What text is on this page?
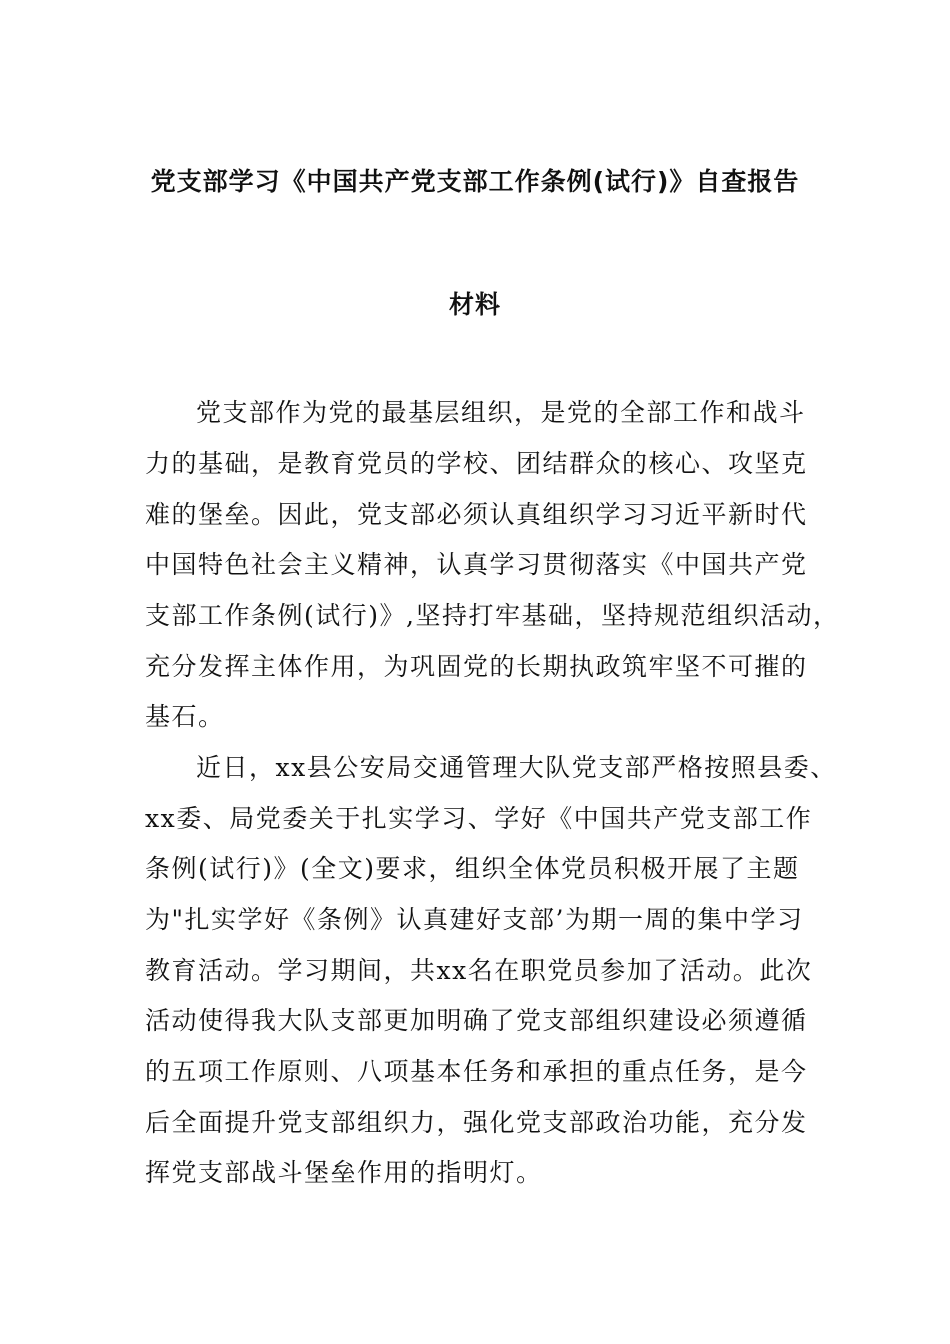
党支部学习《中国共产党支部工作条例(试行)》自查报告
材料
党支部作为党的最基层组织，是党的全部工作和战斗
力的基础，是教育党员的学校、团结群众的核心、攻坚克
难的堡垒。因此，党支部必须认真组织学习习近平新时代
中国特色社会主义精神，认真学习贯彻落实《中国共产党
支部工作条例(试行)》,坚持打牢基础，坚持规范组织活动，
充分发挥主体作用，为巩固党的长期执政筑牢坚不可摧的
基石。
近日，xx县公安局交通管理大队党支部严格按照县委、
xx委、局党委关于扎实学习、学好《中国共产党支部工作
条例(试行)》(全文)要求，组织全体党员积极开展了主题
为"扎实学好《条例》认真建好支部’为期一周的集中学习
教育活动。学习期间，共xx名在职党员参加了活动。此次
活动使得我大队支部更加明确了党支部组织建设必须遵循
的五项工作原则、八项基本任务和承担的重点任务，是今
后全面提升党支部组织力，强化党支部政治功能，充分发
挥党支部战斗堡垒作用的指明灯。
